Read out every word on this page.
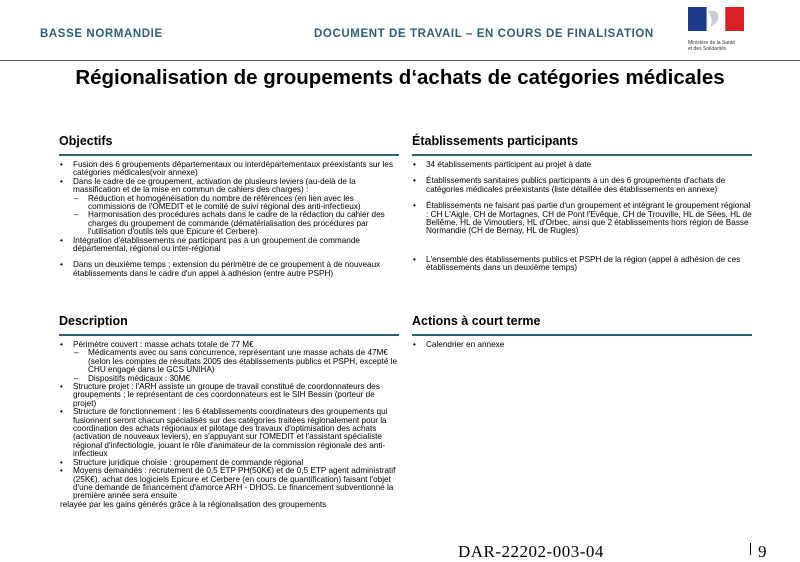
BASSE NORMANDIE	DOCUMENT DE TRAVAIL – EN COURS DE FINALISATION
Ministère de la Santé
et des Solidarités
Régionalisation de groupements d‘achats de catégories médicales
Objectifs
• Fusion des 6 groupements départementaux ou interdépartementaux préexistants sur les catégories médicales(voir annexe)
• Dans le cadre de ce groupement, activation de plusieurs leviers (au-delà de la massification et de la mise en commun de cahiers des charges) :
– Réduction et homogénéisation du nombre de références (en lien avec les commissions de l'OMEDIT et le comité de suivi régional des anti-infectieux)
– Harmonisation des procédures achats dans le cadre de la rédaction du cahier des charges du groupement de commande (dématérialisation des procédures par l'utilisation d'outils tels que Epicure et Cerbere)
• Intégration d'établissements ne participant pas à un groupement de commande départemental, régional ou inter-régional
• Dans un deuxième temps ; extension du périmètre de ce groupement à de nouveaux établissements dans le cadre d'un appel à adhésion (entre autre PSPH)
Établissements participants
• 34 établissements participent au projet à date
• Établissements sanitaires publics participants à un des 6 groupements d'achats de catégories médicales préexistants (liste détaillée des établissements en annexe)
• Établissements ne faisant pas partie d'un groupement et intégrant le groupement régional : CH L'Aigle, CH de Mortagnes, CH de Pont l'Evêque, CH de Trouville, HL de Sées, HL de Bellême, HL de Vimoutiers, HL d'Orbec, ainsi que 2 établissements hors région de Basse Normandie (CH de Bernay, HL de Rugles)
• L'ensemble des établissements publics et PSPH de la région (appel à adhésion de ces établissements dans un deuxième temps)
Description
• Périmètre couvert : masse achats totale de 77 M€
– Médicaments avec ou sans concurrence, représentant une masse achats de 47M€ (selon les comptes de résultats 2005 des établissements publics et PSPH, excepté le CHU engagé dans le GCS UNIHA)
– Dispositifs médicaux : 30M€
• Structure projet : l'ARH assiste un groupe de travail constitué de coordonnateurs des groupements ; le représentant de ces coordonnateurs est le SIH Bessin (porteur de projet)
• Structure de fonctionnement : les 6 établissements coordinateurs des groupements qui fusionnent seront chacun spécialisés sur des catégories traitées régionalement pour la coordination des achats régionaux et pilotage des travaux d'optimisation des achats (activation de nouveaux leviers), en s'appuyant sur l'OMEDIT et l'assistant spécialiste régional d'infectiologie, jouant le rôle d'animateur de la commission régionale des anti-infectieux
• Structure juridique choisie : groupement de commande régional
• Moyens demandés : recrutement de 0,5 ETP PH(50K€) et de 0,5 ETP agent administratif (25K€), achat des logiciels Epicure et Cerbere (en cours de quantification) faisant l'objet d'une demande de financement d'amorce ARH - DHOS. Le financement subventionné la première année sera ensuite
relayée par les gains générés grâce à la régionalisation des groupements
Actions à court terme
• Calendrier en annexe
DAR-22202-003-04	9
